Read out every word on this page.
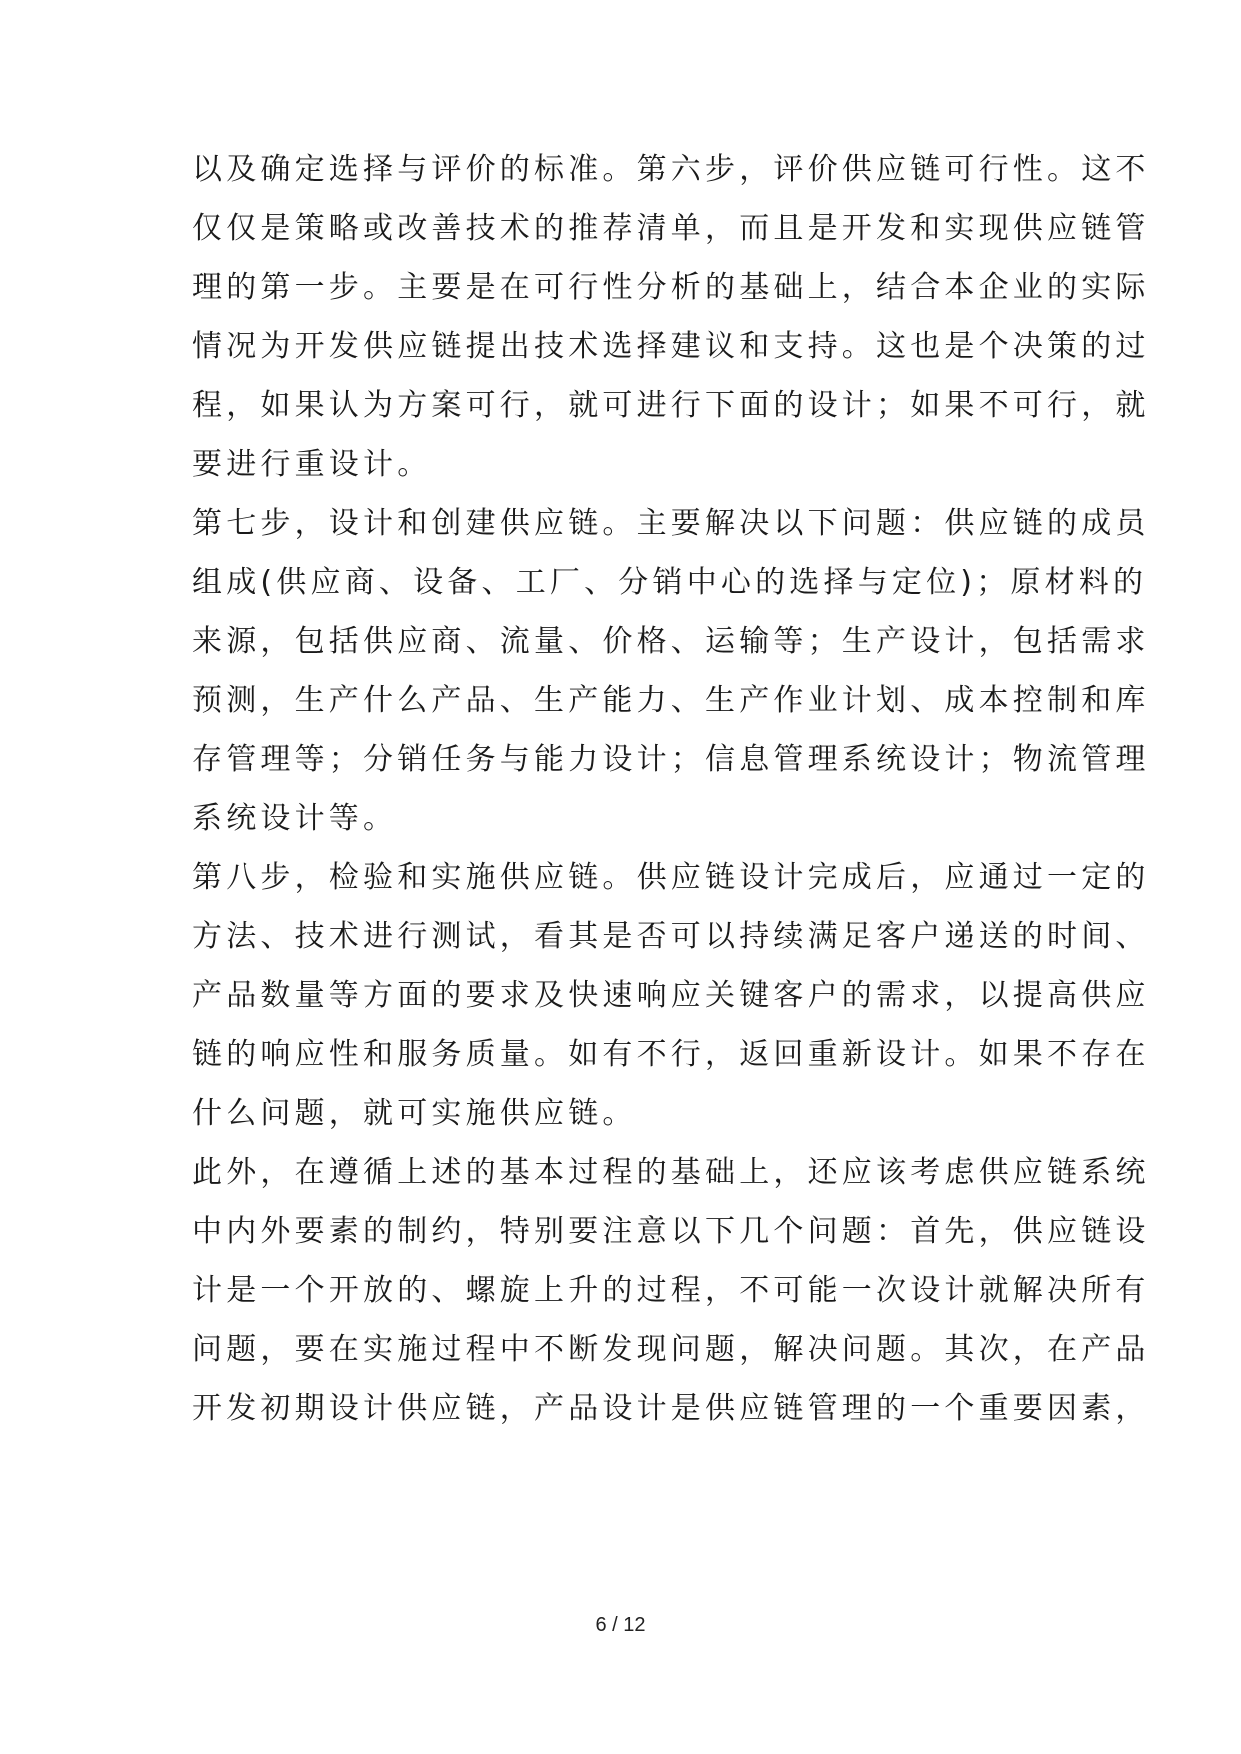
以及确定选择与评价的标准。第六步，评价供应链可行性。这不
仅仅是策略或改善技术的推荐清单，而且是开发和实现供应链管
理的第一步。主要是在可行性分析的基础上，结合本企业的实际
情况为开发供应链提出技术选择建议和支持。这也是个决策的过
程，如果认为方案可行，就可进行下面的设计；如果不可行，就
要进行重设计。
第七步，设计和创建供应链。主要解决以下问题：供应链的成员
组成(供应商、设备、工厂、分销中心的选择与定位)；原材料的
来源，包括供应商、流量、价格、运输等；生产设计，包括需求
预测，生产什么产品、生产能力、生产作业计划、成本控制和库
存管理等；分销任务与能力设计；信息管理系统设计；物流管理
系统设计等。
第八步，检验和实施供应链。供应链设计完成后，应通过一定的
方法、技术进行测试，看其是否可以持续满足客户递送的时间、
产品数量等方面的要求及快速响应关键客户的需求，以提高供应
链的响应性和服务质量。如有不行，返回重新设计。如果不存在
什么问题，就可实施供应链。
此外，在遵循上述的基本过程的基础上，还应该考虑供应链系统
中内外要素的制约，特别要注意以下几个问题：首先，供应链设
计是一个开放的、螺旋上升的过程，不可能一次设计就解决所有
问题，要在实施过程中不断发现问题，解决问题。其次，在产品
开发初期设计供应链，产品设计是供应链管理的一个重要因素，
6 / 12
